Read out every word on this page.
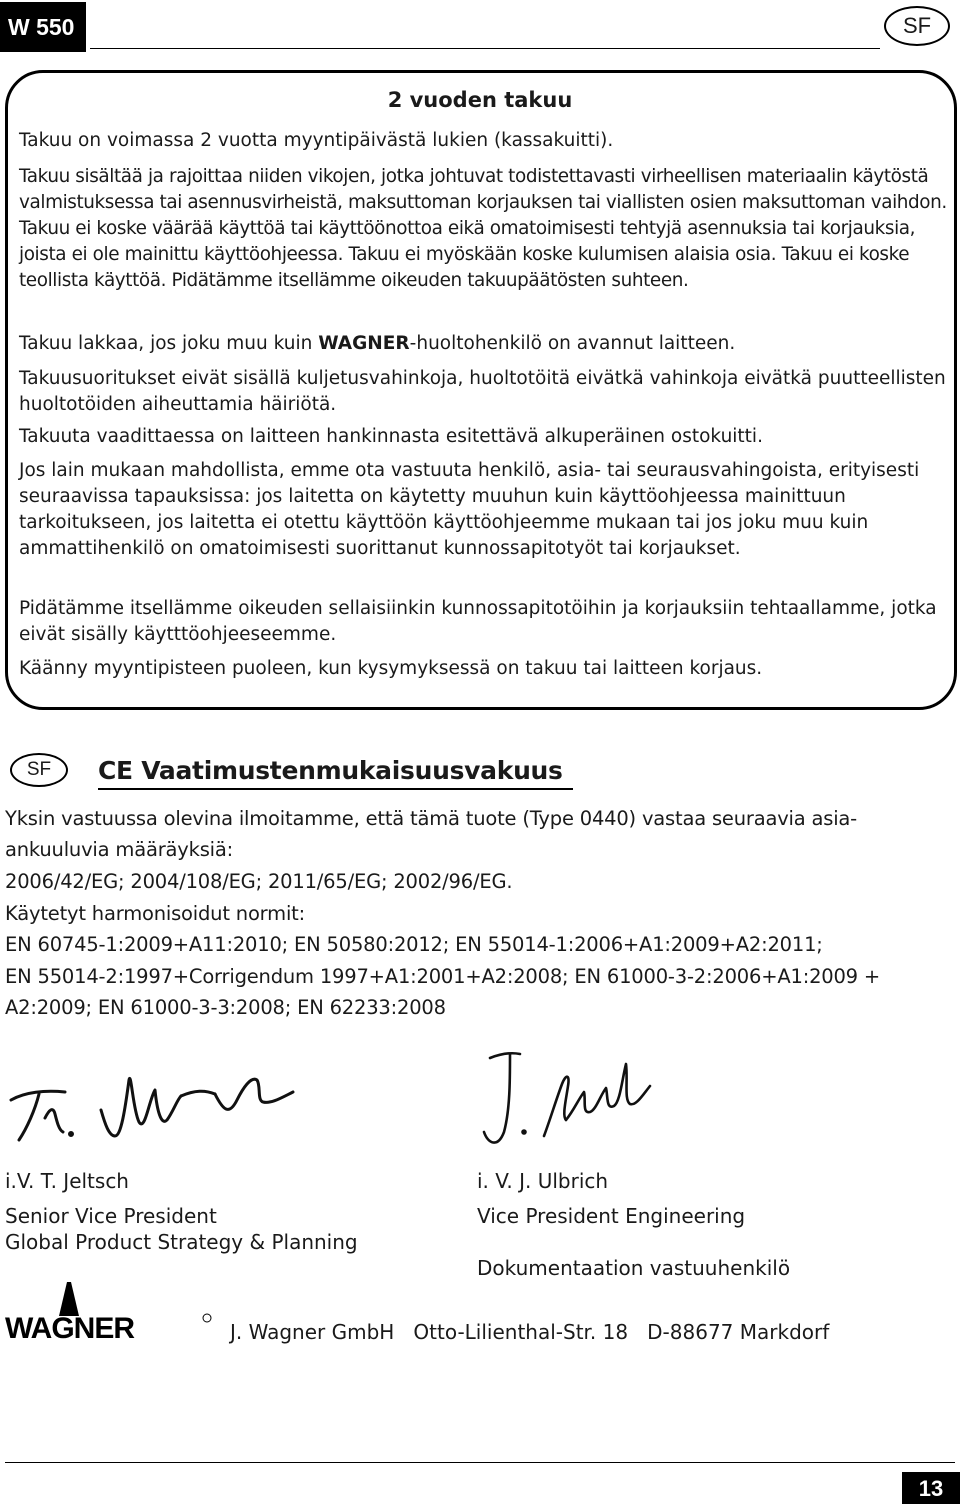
W 550	SF
2 vuoden takuu

Takuu on voimassa 2 vuotta myyntipäivästä lukien (kassakuitti).

Takuu sisältää ja rajoittaa niiden vikojen, jotka johtuvat todistettavasti virheellisen materiaalin käytöstä valmistuksessa tai asennusvirheistä, maksuttoman korjauksen tai viallisten osien maksuttoman vaihdon. Takuu ei koske väärää käyttöä tai käyttöönottoa eikä omatoimisesti tehtyjä asennuksia tai korjauksia, joista ei ole mainittu käyttöohjeessa. Takuu ei myöskään koske kulumisen alaisia osia. Takuu ei koske teollista käyttöä. Pidätämme itsellämme oikeuden takuupäätösten suhteen.

Takuu lakkaa, jos joku muu kuin WAGNER-huoltohenkilö on avannut laitteen.

Takuusuoritukset eivät sisällä kuljetusvahinkoja, huoltotöitä eivätkä vahinkoja eivätkä puutteellisten huoltotöiden aiheuttamia häiriötä.

Takuuta vaadittaessa on laitteen hankinnasta esitettävä alkuperäinen ostokuitti.

Jos lain mukaan mahdollista, emme ota vastuuta henkilö, asia- tai seurausvahingoista, erityisesti seuraavissa tapauksissa: jos laitetta on käytetty muuhun kuin käyttöohjeessa mainittuun tarkoitukseen, jos laitetta ei otettu käyttöön käyttöohjeemme mukaan tai jos joku muu kuin ammattihenkilö on omatoimisesti suorittanut kunnossapitotyöt tai korjaukset.

Pidätämme itsellämme oikeuden sellaisiinkin kunnossapitotöihin ja korjauksiin tehtaallamme, jotka eivät sisälly käytttöohjeeseemme.

Käänny myyntipisteen puoleen, kun kysymyksessä on takuu tai laitteen korjaus.

SF	CE Vaatimustenmukaisuusvakuus

Yksin vastuussa olevina ilmoitamme, että tämä tuote (Type 0440) vastaa seuraavia asia-ankuuluvia määräyksiä:

2006/42/EG; 2004/108/EG; 2011/65/EG; 2002/96/EG.

Käytetyt harmonisoidut normit:

EN 60745-1:2009+A11:2010; EN 50580:2012; EN 55014-1:2006+A1:2009+A2:2011;

EN 55014-2:1997+Corrigendum 1997+A1:2001+A2:2008; EN 61000-3-2:2006+A1:2009 + A2:2009; EN 61000-3-3:2008; EN 62233:2008

i.V. T. Jeltsch
Senior Vice President
Global Product Strategy & Planning
i. V. J. Ulbrich
Vice President Engineering
Dokumentaation vastuuhenkilö
WAGNER	J. Wagner GmbH   Otto-Lilienthal-Str. 18   D-88677 Markdorf
13
